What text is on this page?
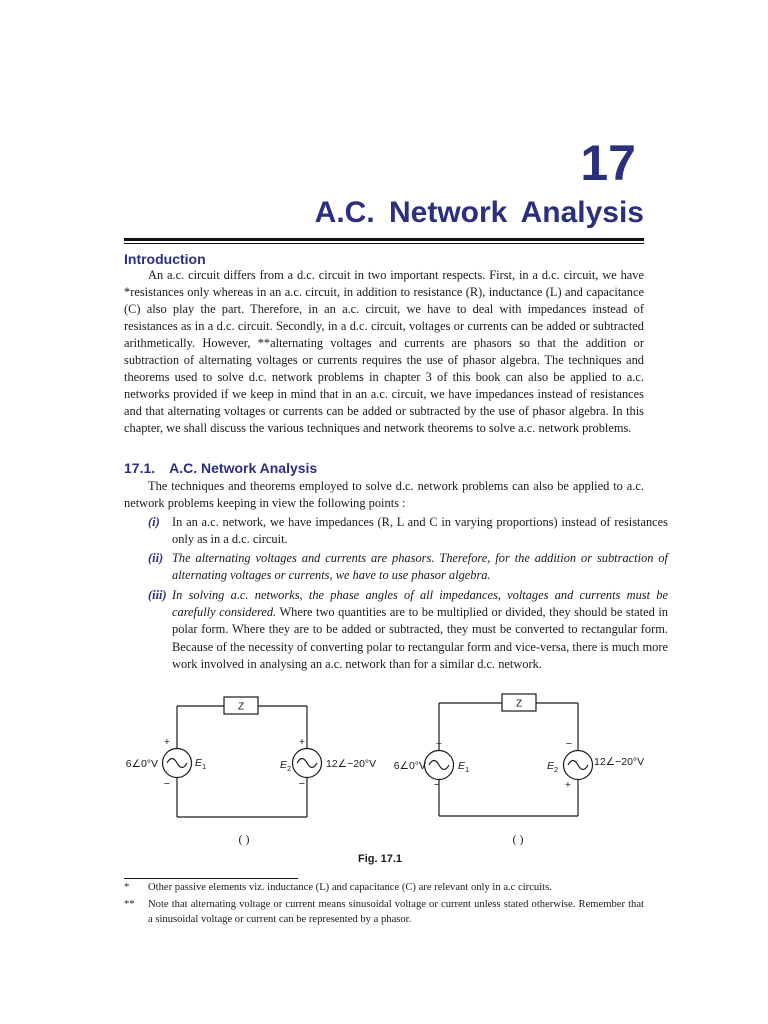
17
A.C. Network Analysis
Introduction

An a.c. circuit differs from a d.c. circuit in two important respects. First, in a d.c. circuit, we have *resistances only whereas in an a.c. circuit, in addition to resistance (R), inductance (L) and capacitance (C) also play the part. Therefore, in an a.c. circuit, we have to deal with impedances instead of resistances as in a d.c. circuit. Secondly, in a d.c. circuit, voltages or currents can be added or subtracted arithmetically. However, **alternating voltages and currents are phasors so that the addition or subtraction of alternating voltages or currents requires the use of phasor algebra. The techniques and theorems used to solve d.c. network problems in chapter 3 of this book can also be applied to a.c. networks provided if we keep in mind that in an a.c. circuit, we have impedances instead of resistances and that alternating voltages or currents can be added or subtracted by the use of phasor algebra. In this chapter, we shall discuss the various techniques and network theorems to solve a.c. network problems.

17.1. A.C. Network Analysis

The techniques and theorems employed to solve d.c. network problems can also be applied to a.c. network problems keeping in view the following points :

(i) In an a.c. network, we have impedances (R, L and C in varying proportions) instead of resistances only as in a d.c. circuit.
(ii) The alternating voltages and currents are phasors. Therefore, for the addition or subtraction of alternating voltages or currents, we have to use phasor algebra.
(iii) In solving a.c. networks, the phase angles of all impedances, voltages and currents must be carefully considered. Where two quantities are to be multiplied or divided, they should be stated in polar form. Where they are to be added or subtracted, they must be converted to rectangular form. Because of the necessity of converting polar to rectangular form and vice-versa, there is much more work involved in analysing an a.c. network than for a similar d.c. network.
Z
+
−
6∠0°V	$E_1$
+
−
$E_2$	12∠−20°V
( )
Z
+
−
6∠0°V	$E_1$
−
+
$E_2$
12∠−20°V
( )
Fig. 17.1

* Other passive elements viz. inductance (L) and capacitance (C) are relevant only in a.c circuits.

** Note that alternating voltage or current means sinusoidal voltage or current unless stated otherwise. Remember that a sinusoidal voltage or current can be represented by a phasor.
